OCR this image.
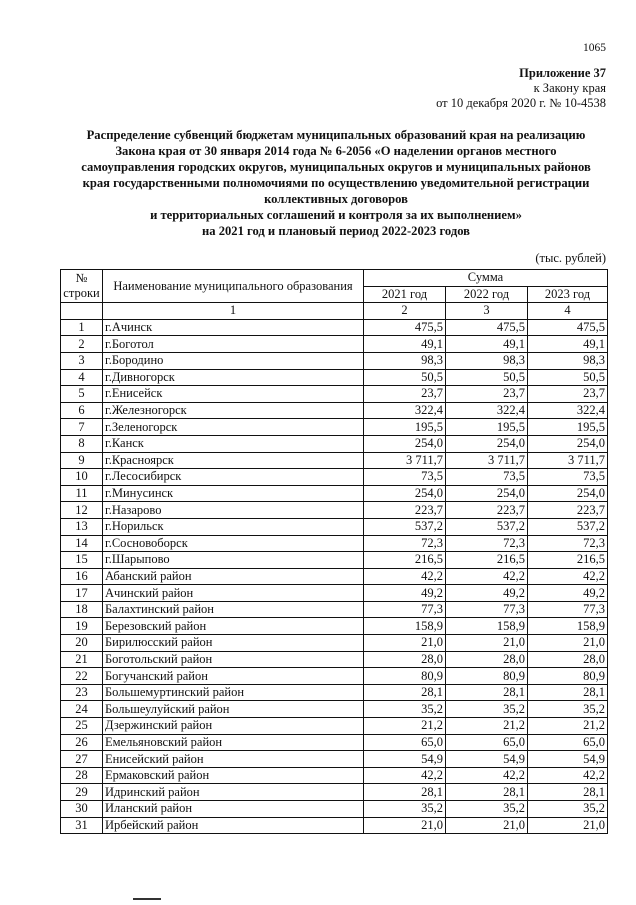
1065
Приложение 37
к Закону края
от 10 декабря 2020 г. № 10-4538
Распределение субвенций бюджетам муниципальных образований края на реализацию
Закона края от 30 января 2014 года № 6-2056 «О наделении органов местного
самоуправления городских округов, муниципальных округов и муниципальных районов
края государственными полномочиями по осуществлению уведомительной регистрации
коллективных договоров
и территориальных соглашений и контроля за их выполнением»
на 2021 год и плановый период 2022-2023 годов
(тыс. рублей)
№ строки	Наименование муниципального образования	Сумма		
		2021 год	2022 год	2023 год
	1	2	3	4
1	г.Ачинск	475,5	475,5	475,5
2	г.Боготол	49,1	49,1	49,1
3	г.Бородино	98,3	98,3	98,3
4	г.Дивногорск	50,5	50,5	50,5
5	г.Енисейск	23,7	23,7	23,7
6	г.Железногорск	322,4	322,4	322,4
7	г.Зеленогорск	195,5	195,5	195,5
8	г.Канск	254,0	254,0	254,0
9	г.Красноярск	3 711,7	3 711,7	3 711,7
10	г.Лесосибирск	73,5	73,5	73,5
11	г.Минусинск	254,0	254,0	254,0
12	г.Назарово	223,7	223,7	223,7
13	г.Норильск	537,2	537,2	537,2
14	г.Сосновоборск	72,3	72,3	72,3
15	г.Шарыпово	216,5	216,5	216,5
16	Абанский район	42,2	42,2	42,2
17	Ачинский район	49,2	49,2	49,2
18	Балахтинский район	77,3	77,3	77,3
19	Березовский район	158,9	158,9	158,9
20	Бирилюсский район	21,0	21,0	21,0
21	Боготольский район	28,0	28,0	28,0
22	Богучанский район	80,9	80,9	80,9
23	Большемуртинский район	28,1	28,1	28,1
24	Большеулуйский район	35,2	35,2	35,2
25	Дзержинский район	21,2	21,2	21,2
26	Емельяновский район	65,0	65,0	65,0
27	Енисейский район	54,9	54,9	54,9
28	Ермаковский район	42,2	42,2	42,2
29	Идринский район	28,1	28,1	28,1
30	Иланский район	35,2	35,2	35,2
31	Ирбейский район	21,0	21,0	21,0
